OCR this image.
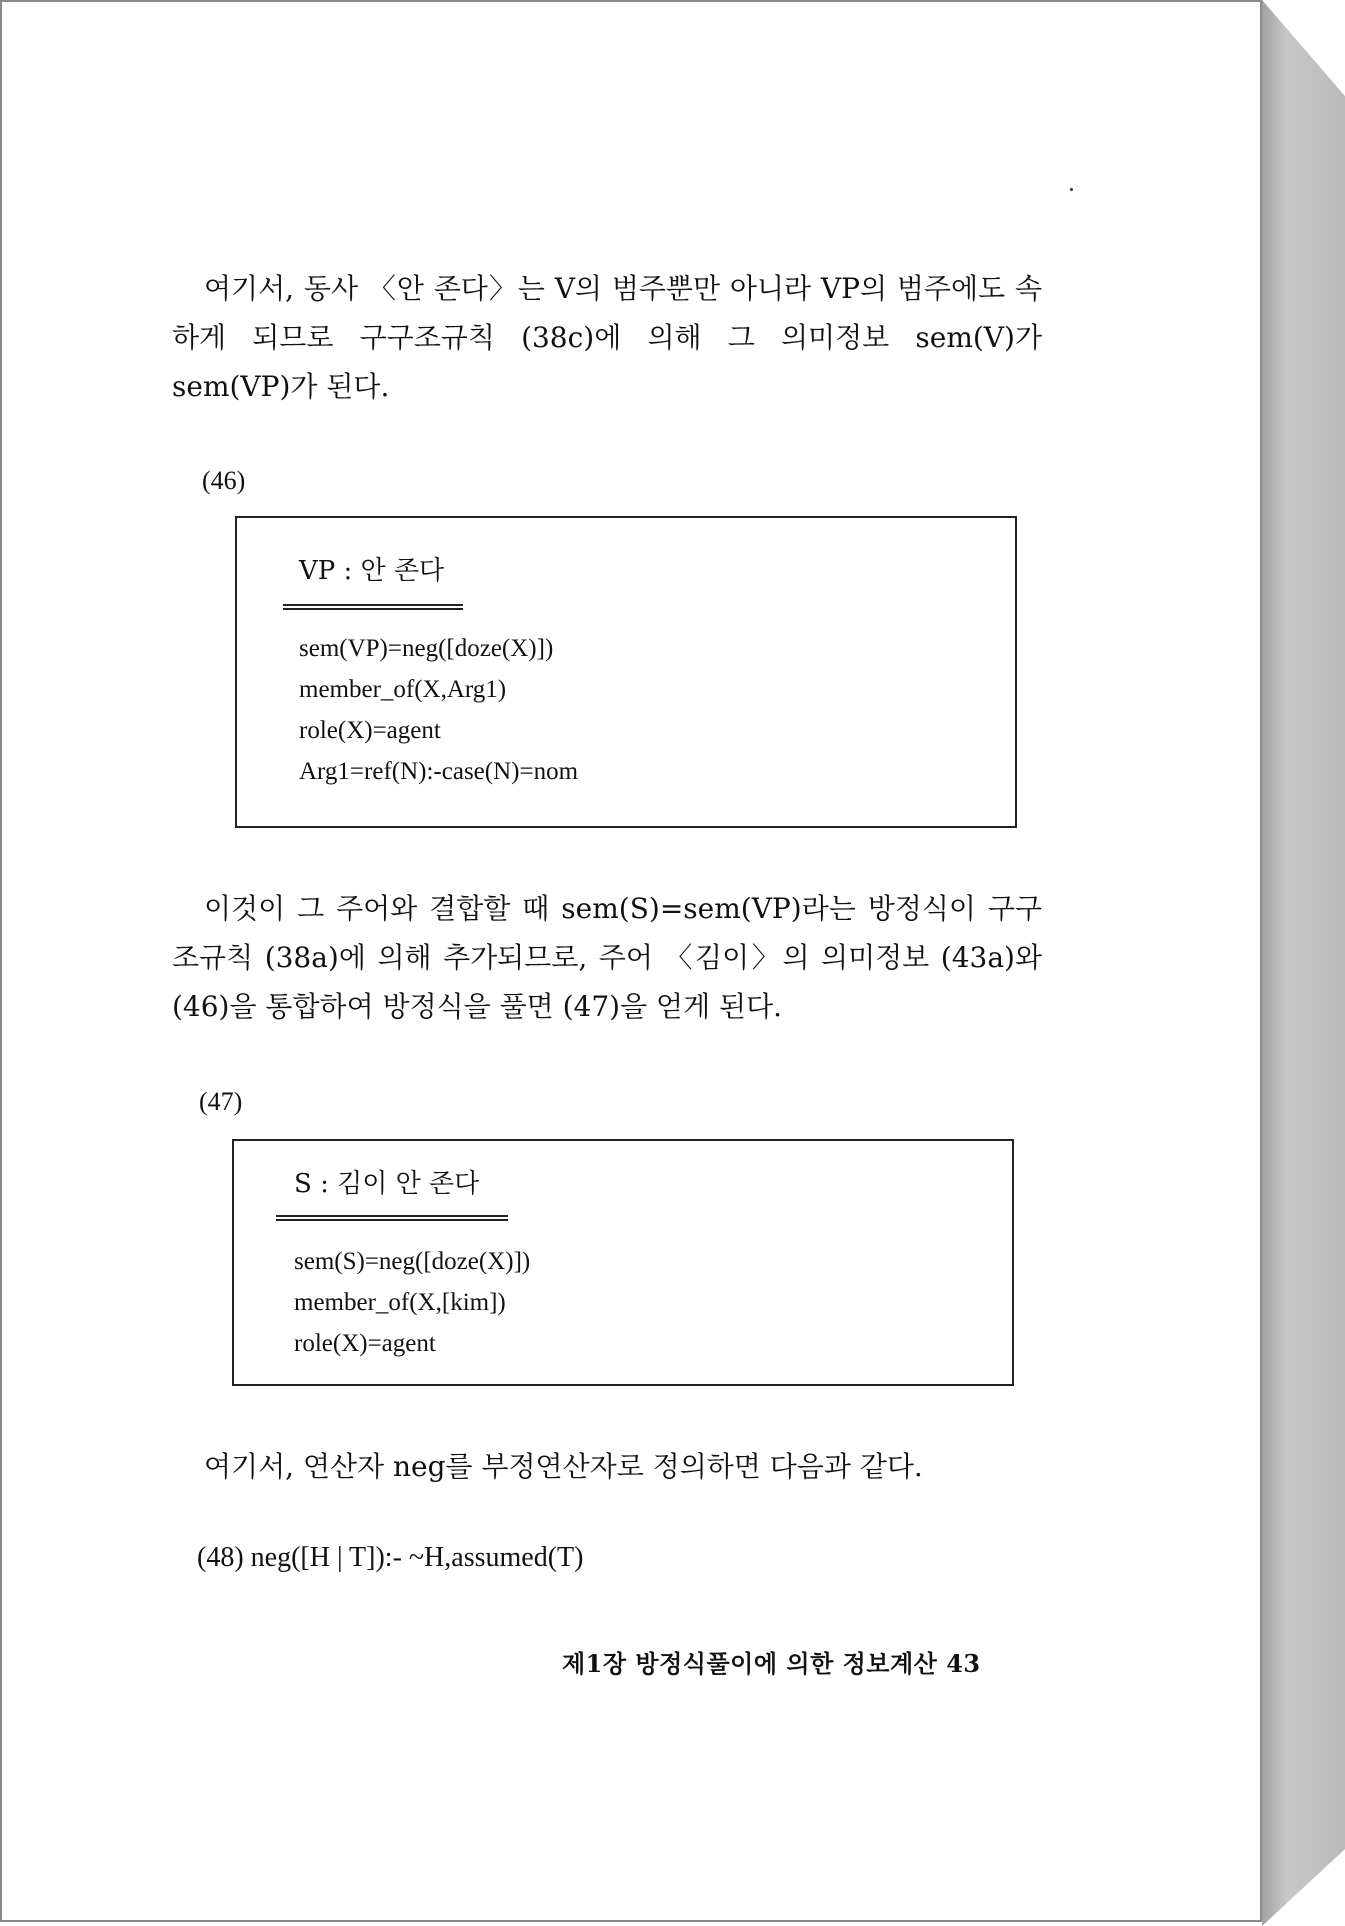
여기서, 동사 〈안 존다〉는 V의 범주뿐만 아니라 VP의 범주에도 속하게 되므로 구구조규칙 (38c)에 의해 그 의미정보 sem(V)가 sem(VP)가 된다.

(46)

VP : 안 존다

sem(VP)=neg([doze(X)])
member_of(X,Arg1)
role(X)=agent
Arg1=ref(N):-case(N)=nom

이것이 그 주어와 결합할 때 sem(S)=sem(VP)라는 방정식이 구구조규칙 (38a)에 의해 추가되므로, 주어 〈김이〉의 의미정보 (43a)와 (46)을 통합하여 방정식을 풀면 (47)을 얻게 된다.

(47)

S : 김이 안 존다

sem(S)=neg([doze(X)])
member_of(X,[kim])
role(X)=agent

여기서, 연산자 neg를 부정연산자로 정의하면 다음과 같다.

(48) neg([H | T]):- ~H,assumed(T)

제1장 방정식풀이에 의한 정보계산 43
